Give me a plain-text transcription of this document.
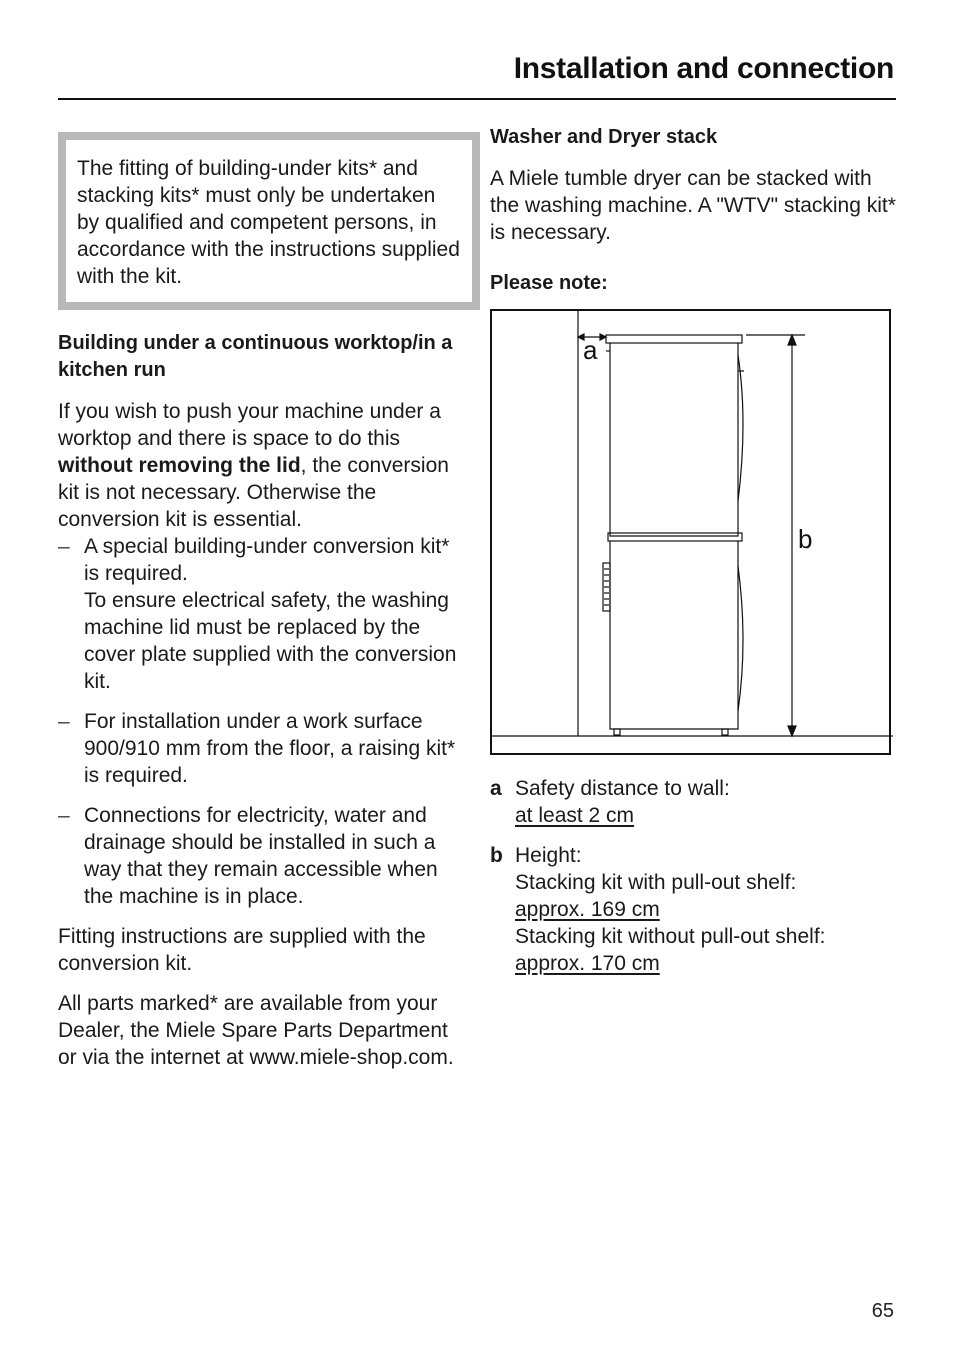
Installation and connection
The fitting of building-under kits* and stacking kits* must only be undertaken by qualified and competent persons, in accordance with the instructions supplied with the kit.
Building under a continuous worktop/in a kitchen run

If you wish to push your machine under a worktop and there is space to do this without removing the lid, the conversion kit is not necessary. Otherwise the conversion kit is essential.

– A special building-under conversion kit* is required.
To ensure electrical safety, the washing machine lid must be replaced by the cover plate supplied with the conversion kit.
– For installation under a work surface 900/910 mm from the floor, a raising kit* is required.
– Connections for electricity, water and drainage should be installed in such a way that they remain accessible when the machine is in place.

Fitting instructions are supplied with the conversion kit.

All parts marked* are available from your Dealer, the Miele Spare Parts Department or via the internet at www.miele-shop.com.

Washer and Dryer stack

A Miele tumble dryer can be stacked with the washing machine. A "WTV" stacking kit* is necessary.

Please note:
a
b
a Safety distance to wall:
at least 2 cm
b Height:
Stacking kit with pull-out shelf:
approx. 169 cm
Stacking kit without pull-out shelf:
approx. 170 cm
65
